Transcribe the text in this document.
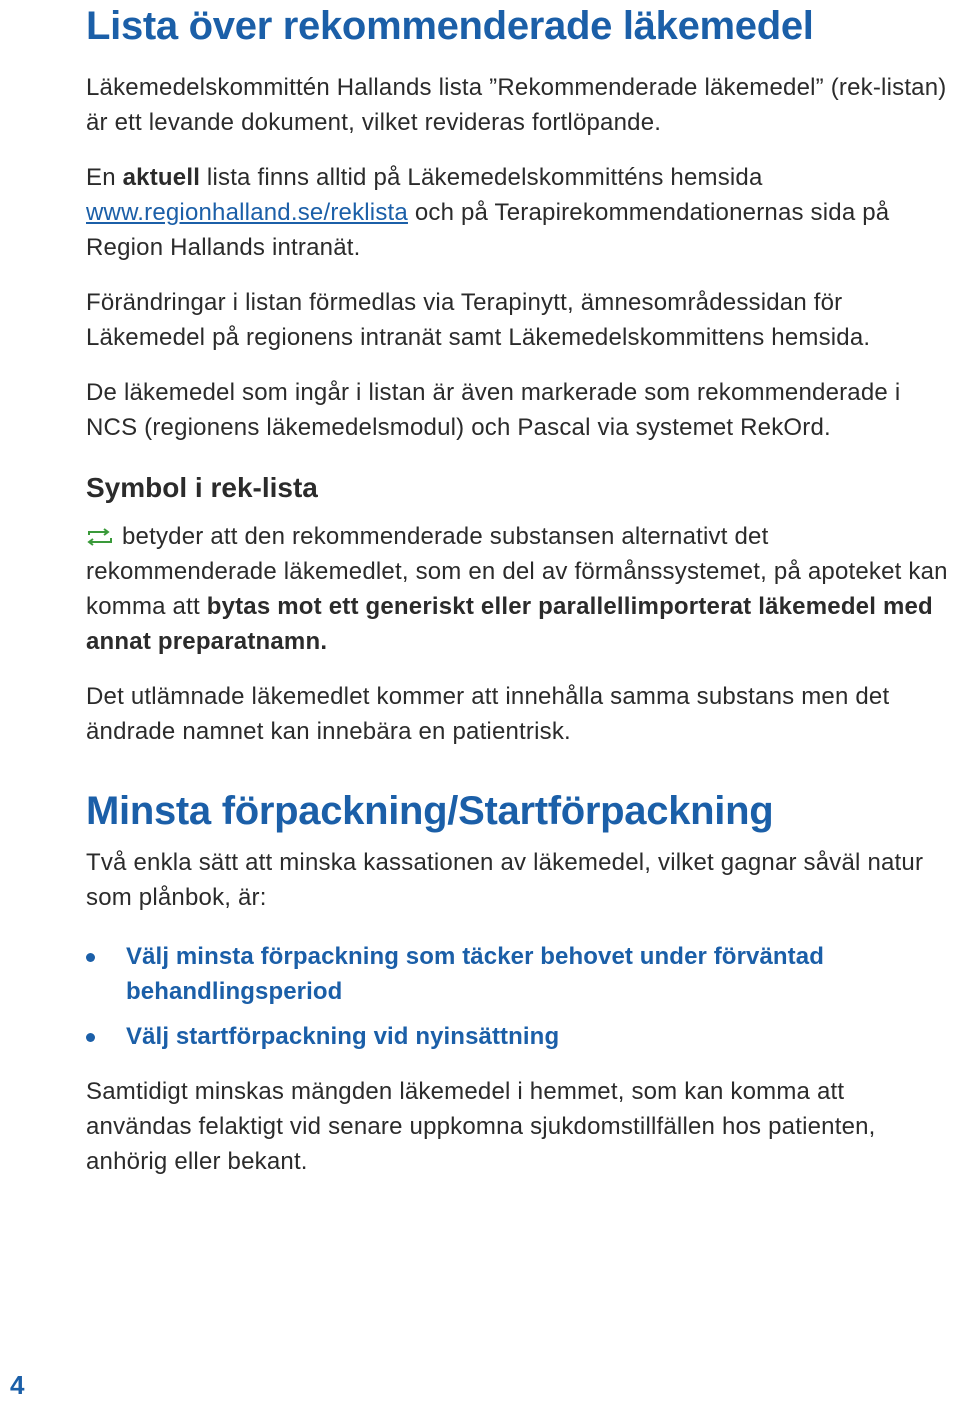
Lista över rekommenderade läkemedel

Läkemedelskommittén Hallands lista ”Rekommenderade läkemedel” (rek-listan) är ett levande dokument, vilket revideras fortlöpande.

En aktuell lista finns alltid på Läkemedelskommitténs hemsida www.regionhalland.se/reklista och på Terapirekommendationernas sida på Region Hallands intranät.

Förändringar i listan förmedlas via Terapinytt, ämnesområdessidan för Läkemedel på regionens intranät samt Läkemedelskommittens hemsida.

De läkemedel som ingår i listan är även markerade som rekommenderade i NCS (regionens läkemedelsmodul) och Pascal via systemet RekOrd.

Symbol i rek-lista

betyder att den rekommenderade substansen alternativt det rekommenderade läkemedlet, som en del av förmånssystemet, på apoteket kan komma att bytas mot ett generiskt eller parallellimporterat läkemedel med annat preparatnamn.

Det utlämnade läkemedlet kommer att innehålla samma substans men det ändrade namnet kan innebära en patientrisk.

Minsta förpackning/Startförpackning

Två enkla sätt att minska kassationen av läkemedel, vilket gagnar såväl natur som plånbok, är:

Välj minsta förpackning som täcker behovet under förväntad behandlingsperiod
Välj startförpackning vid nyinsättning

Samtidigt minskas mängden läkemedel i hemmet, som kan komma att användas felaktigt vid senare uppkomna sjukdomstillfällen hos patienten, anhörig eller bekant.

4
